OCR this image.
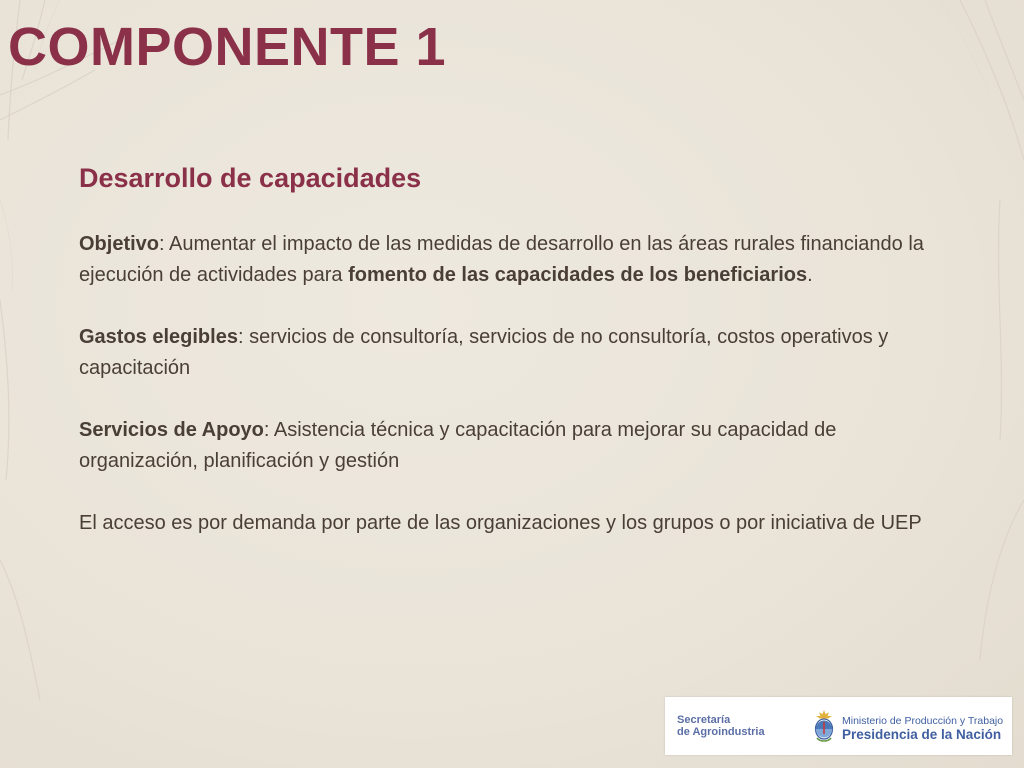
COMPONENTE 1
Desarrollo de capacidades

Objetivo: Aumentar el impacto de las medidas de desarrollo en las áreas rurales financiando la ejecución de actividades para fomento de las capacidades de los beneficiarios.

Gastos elegibles: servicios de consultoría, servicios de no consultoría, costos operativos y capacitación

Servicios de Apoyo: Asistencia técnica y capacitación para mejorar su capacidad de organización, planificación y gestión

El acceso es por demanda por parte de las organizaciones y los grupos o por iniciativa de UEP

Secretaría
de Agroindustria
Ministerio de Producción y Trabajo
Presidencia de la Nación
